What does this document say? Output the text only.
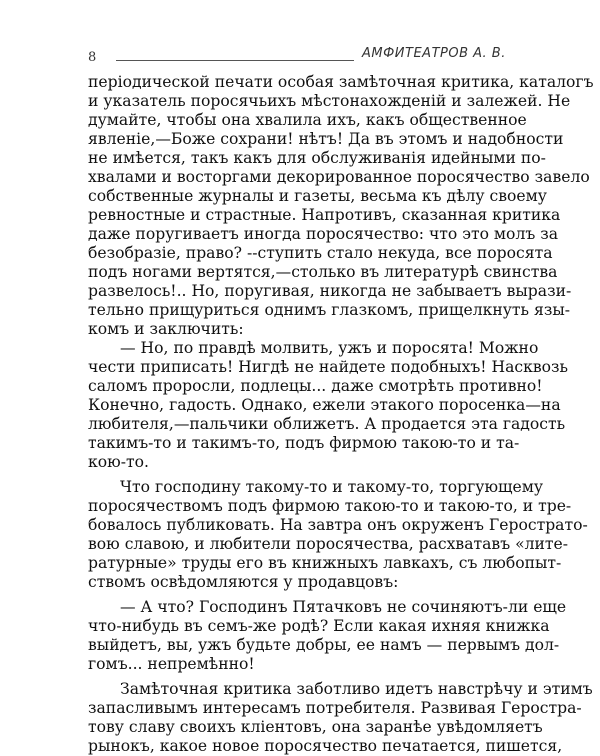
8	АМФИТЕАТРОВ А. В.
періодической печати особая замѣточная критика, каталогъ
и указатель поросячьихъ мѣстонахожденій и залежей. Не
думайте, чтобы она хвалила ихъ, какъ общественное
явленіе,—Боже сохрани! нѣтъ! Да въ этомъ и надобности
не имѣется, такъ какъ для обслуживанія идейными по-
хвалами и восторгами декорированное поросячество завело
собственные журналы и газеты, весьма къ дѣлу своему
ревностные и страстные. Напротивъ, сказанная критика
даже поругиваетъ иногда поросячество: что это молъ за
безобразіе, право? --ступить стало некуда, все поросята
подъ ногами вертятся,—столько въ литературѣ свинства
развелось!.. Но, поругивая, никогда не забываетъ вырази-
тельно прищуриться однимъ глазкомъ, прищелкнуть язы-
комъ и заключить:
— Но, по правдѣ молвить, ужъ и поросята! Можно
чести приписать! Нигдѣ не найдете подобныхъ! Насквозь
саломъ проросли, подлецы... даже смотрѣть противно!
Конечно, гадость. Однако, ежели этакого поросенка—на
любителя,—пальчики оближетъ. А продается эта гадость
такимъ-то и такимъ-то, подъ фирмою такою-то и та-
кою-то.
Что господину такому-то и такому-то, торгующему
поросячествомъ подъ фирмою такою-то и такою-то, и тре-
бовалось публиковать. На завтра онъ окруженъ Герострато-
вою славою, и любители поросячества, расхватавъ «лите-
ратурные» труды его въ книжныхъ лавкахъ, съ любопыт-
ствомъ освѣдомляются у продавцовъ:
— А что? Господинъ Пятачковъ не сочиняютъ-ли еще
что-нибудь въ семъ-же родѣ? Если какая ихняя книжка
выйдетъ, вы, ужъ будьте добры, ее намъ — первымъ дол-
гомъ... непремѣнно!
Замѣточная критика заботливо идетъ навстрѣчу и этимъ
запасливымъ интересамъ потребителя. Развивая Геростра-
тову славу своихъ кліентовъ, она заранѣе увѣдомляетъ
рынокъ, какое новое поросячество печатается, пишется,
